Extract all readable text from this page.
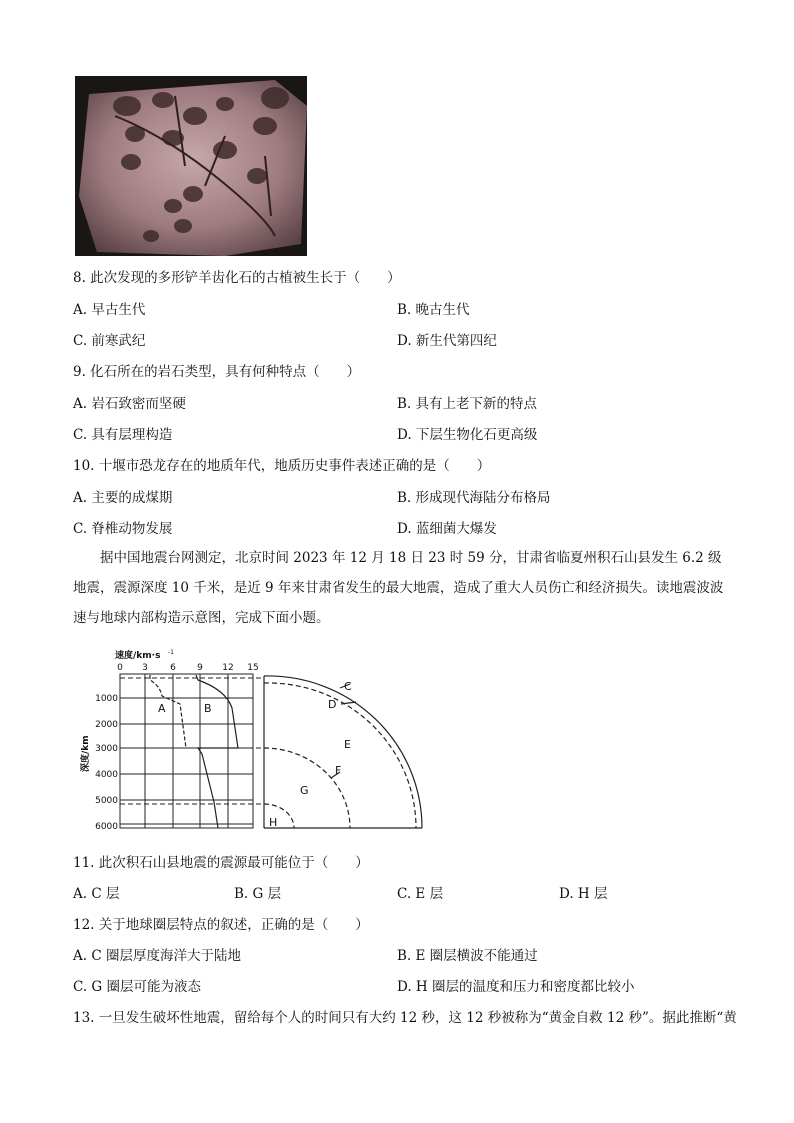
8. 此次发现的多形铲羊齿化石的古植被生长于（　　）
A. 早古生代	B. 晚古生代
C. 前寒武纪	D. 新生代第四纪
9. 化石所在的岩石类型，具有何种特点（　　）
A. 岩石致密而坚硬	B. 具有上老下新的特点
C. 具有层理构造	D. 下层生物化石更高级
10. 十堰市恐龙存在的地质年代，地质历史事件表述正确的是（　　）
A. 主要的成煤期	B. 形成现代海陆分布格局
C. 脊椎动物发展	D. 蓝细菌大爆发
据中国地震台网测定，北京时间 2023 年 12 月 18 日 23 时 59 分，甘肃省临夏州积石山县发生 6.2 级地震，震源深度 10 千米，是近 9 年来甘肃省发生的最大地震，造成了重大人员伤亡和经济损失。读地震波波速与地球内部构造示意图，完成下面小题。
速度/km·s -1
0 3 6 9 12 15
1000
2000
3000
4000
5000
6000
深度/km
A	B
C
D
E
F
G
H
11. 此次积石山县地震的震源最可能位于（　　）
A. C 层	B. G 层	C. E 层	D. H 层
12. 关于地球圈层特点的叙述，正确的是（　　）
A. C 圈层厚度海洋大于陆地	B. E 圈层横波不能通过
C. G 圈层可能为液态	D. H 圈层的温度和压力和密度都比较小
13. 一旦发生破坏性地震，留给每个人的时间只有大约 12 秒，这 12 秒被称为“黄金自救 12 秒”。据此推断“黄
